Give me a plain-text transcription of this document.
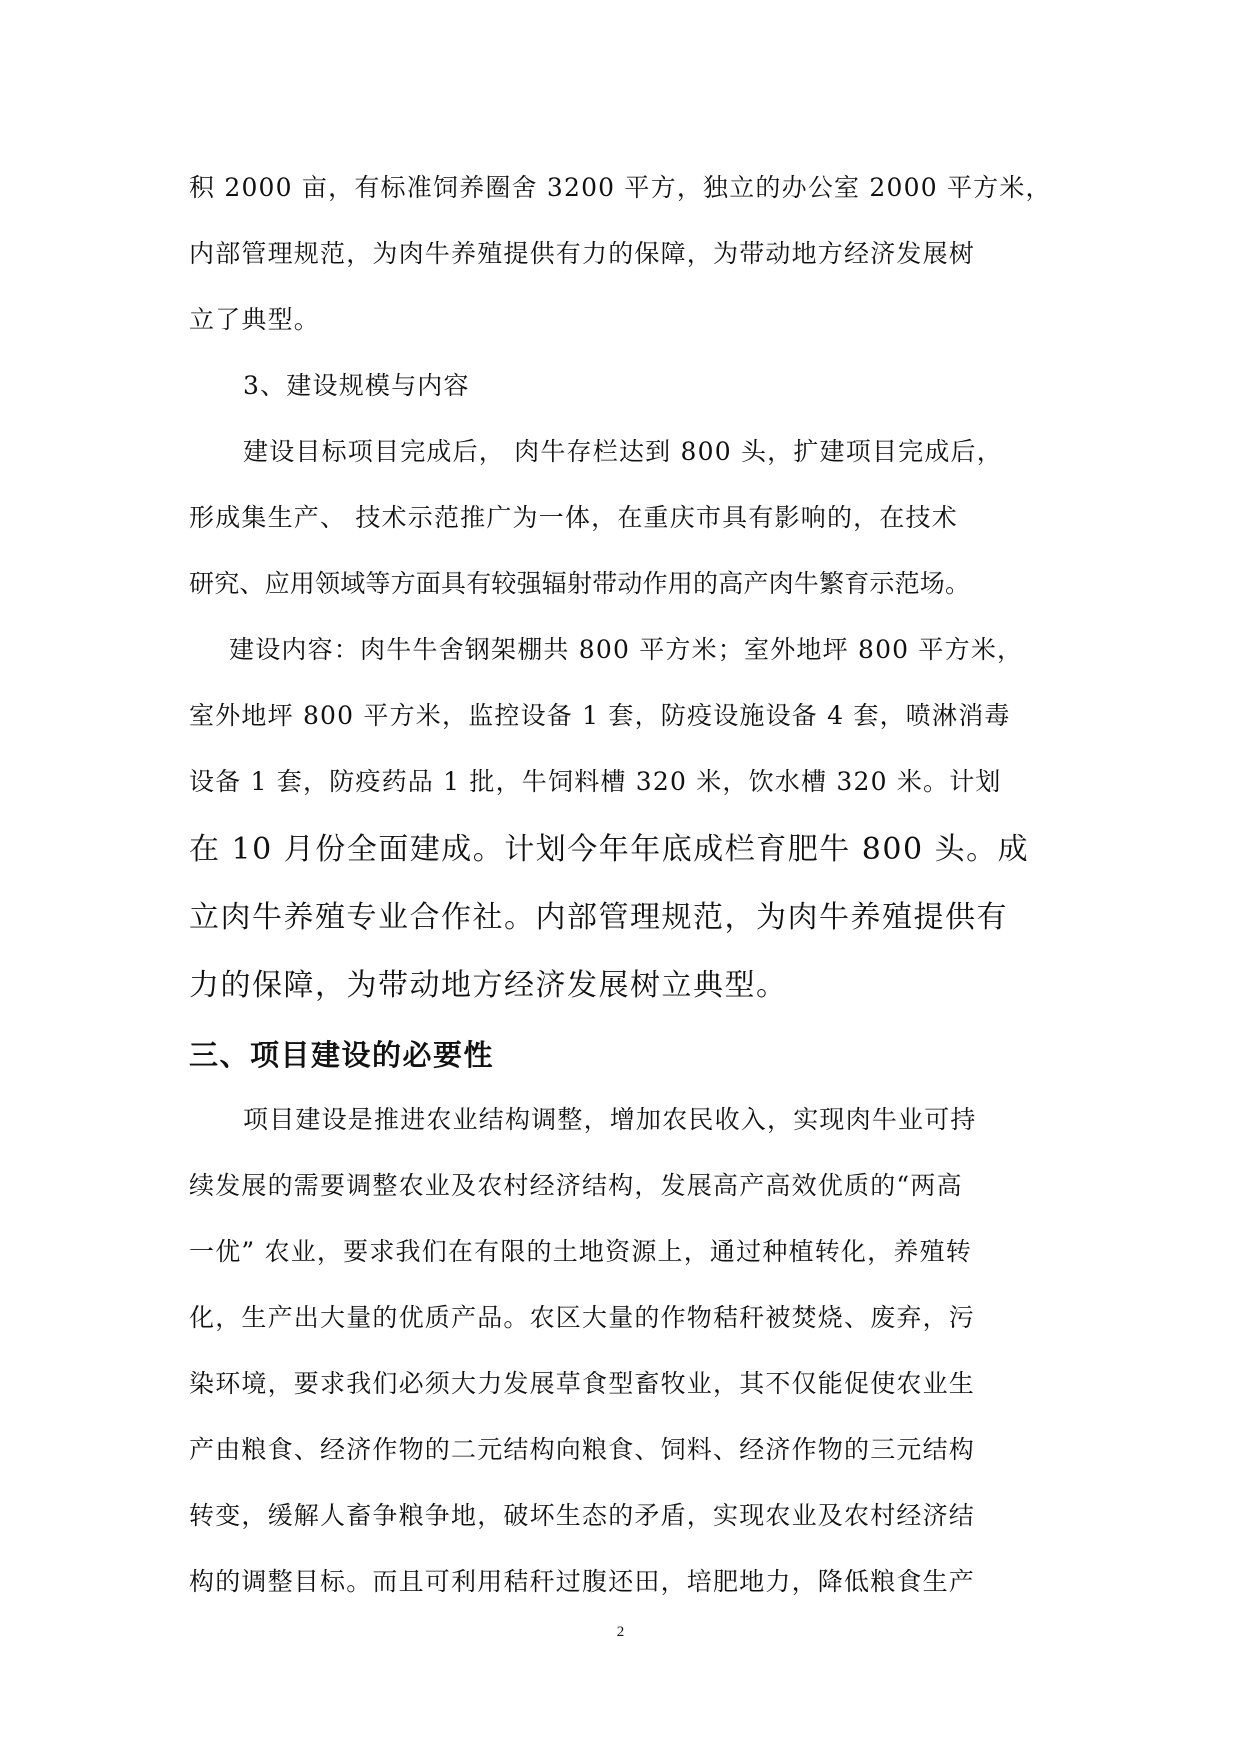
积 2000 亩，有标准饲养圈舍 3200 平方，独立的办公室 2000 平方米，
内部管理规范，为肉牛养殖提供有力的保障，为带动地方经济发展树
立了典型。
3、建设规模与内容
建设目标项目完成后， 肉牛存栏达到 800 头，扩建项目完成后，
形成集生产、 技术示范推广为一体，在重庆市具有影响的，在技术
研究、应用领域等方面具有较强辐射带动作用的高产肉牛繁育示范场。
建设内容：肉牛牛舍钢架棚共 800 平方米；室外地坪 800 平方米，
室外地坪 800 平方米，监控设备 1 套，防疫设施设备 4 套，喷淋消毒
设备 1 套，防疫药品 1 批，牛饲料槽 320 米，饮水槽 320 米。计划
在 10 月份全面建成。计划今年年底成栏育肥牛 800 头。成
立肉牛养殖专业合作社。内部管理规范，为肉牛养殖提供有
力的保障，为带动地方经济发展树立典型。
三、项目建设的必要性
项目建设是推进农业结构调整，增加农民收入，实现肉牛业可持
续发展的需要调整农业及农村经济结构，发展高产高效优质的“两高
一优” 农业，要求我们在有限的土地资源上，通过种植转化，养殖转
化，生产出大量的优质产品。农区大量的作物秸秆被焚烧、废弃，污
染环境，要求我们必须大力发展草食型畜牧业，其不仅能促使农业生
产由粮食、经济作物的二元结构向粮食、饲料、经济作物的三元结构
转变，缓解人畜争粮争地，破坏生态的矛盾，实现农业及农村经济结
构的调整目标。而且可利用秸秆过腹还田，培肥地力，降低粮食生产
2
